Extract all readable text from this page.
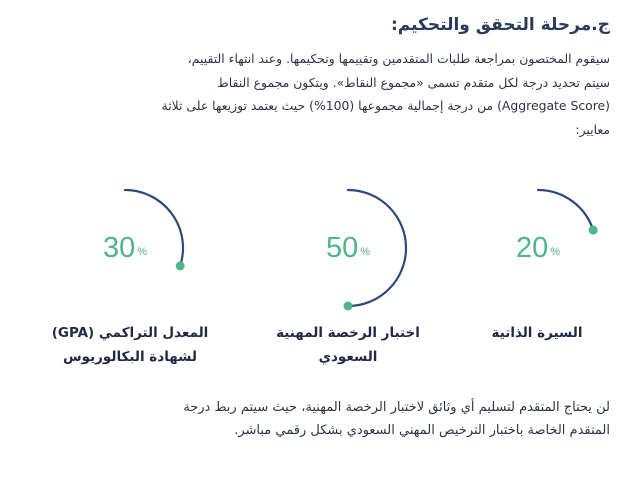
ج.مرحلة التحقق والتحكيم:

سيقوم المختصون بمراجعة طلبات المتقدمين وتقييمها وتحكيمها. وعند انتهاء التقييم،

سيتم تحديد درجة لكل متقدم تسمى «مجموع النقاط». ويتكون مجموع النقاط

(Aggregate Score) من درجة إجمالية مجموعها (100%) حيث يعتمد توزيعها على ثلاثة

معايير:

30 %

المعدل التراكمي (GPA)

لشهادة البكالوريوس

50 %

اختبار الرخصة المهنية

السعودي

20 %

السيرة الذاتية

لن يحتاج المتقدم لتسليم أي وثائق لاختبار الرخصة المهنية، حيث سيتم ربط درجة

المتقدم الخاصة باختبار الترخيص المهني السعودي بشكل رقمي مباشر.
